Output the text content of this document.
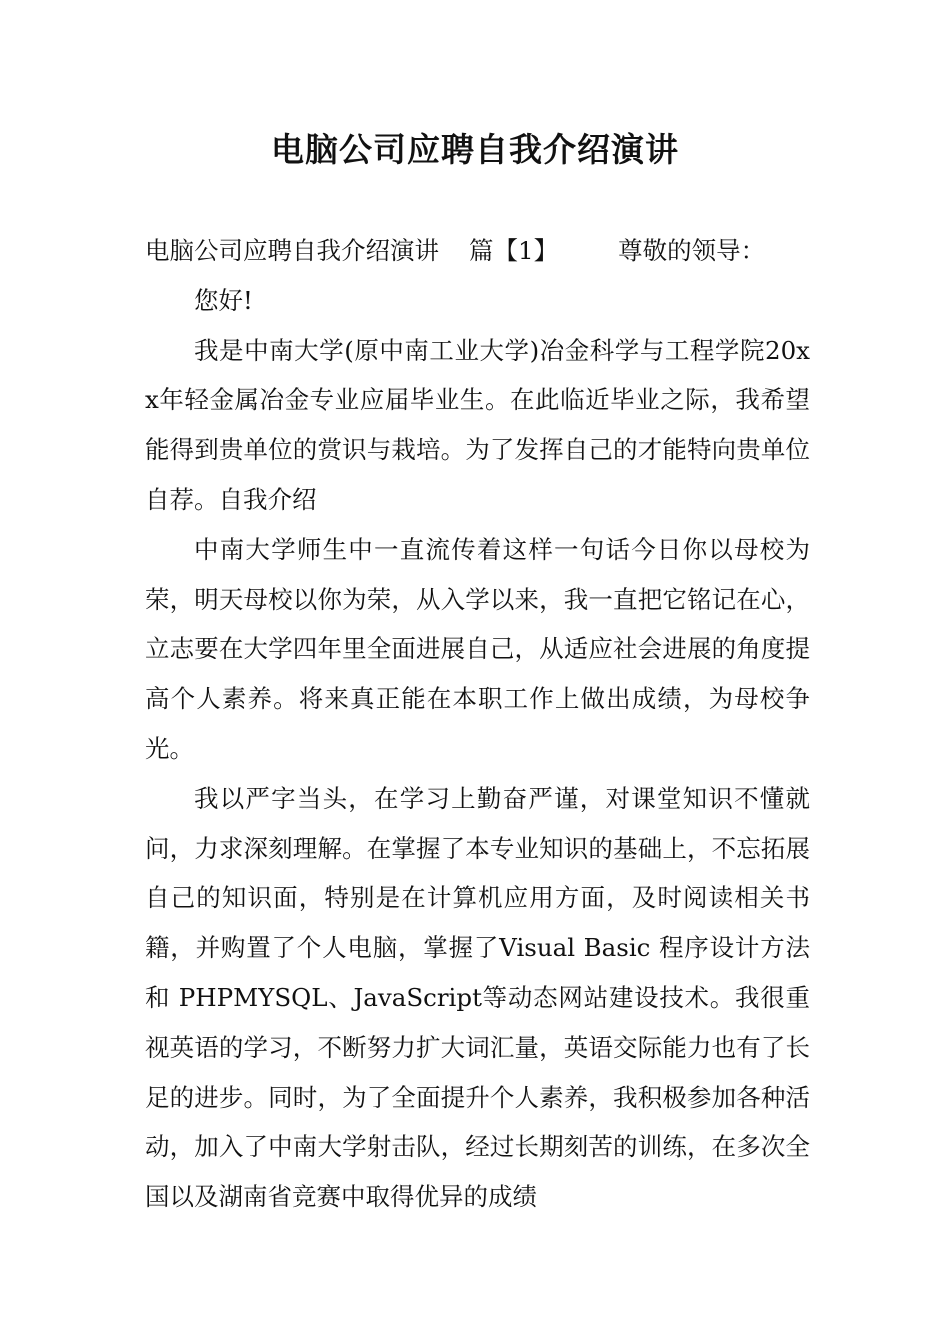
电脑公司应聘自我介绍演讲

电脑公司应聘自我介绍演讲 篇【1】 尊敬的领导：

您好!

我是中南大学(原中南工业大学)冶金科学与工程学院20xx年轻金属冶金专业应届毕业生。在此临近毕业之际，我希望能得到贵单位的赏识与栽培。为了发挥自己的才能特向贵单位自荐。自我介绍

中南大学师生中一直流传着这样一句话今日你以母校为荣，明天母校以你为荣，从入学以来，我一直把它铭记在心，立志要在大学四年里全面进展自己，从适应社会进展的角度提高个人素养。将来真正能在本职工作上做出成绩，为母校争光。

我以严字当头，在学习上勤奋严谨，对课堂知识不懂就问，力求深刻理解。在掌握了本专业知识的基础上，不忘拓展自己的知识面，特别是在计算机应用方面，及时阅读相关书籍，并购置了个人电脑，掌握了Visual Basic 程序设计方法和 PHPMYSQL、JavaScript等动态网站建设技术。我很重视英语的学习，不断努力扩大词汇量，英语交际能力也有了长足的进步。同时，为了全面提升个人素养，我积极参加各种活动，加入了中南大学射击队，经过长期刻苦的训练，在多次全国以及湖南省竞赛中取得优异的成绩
